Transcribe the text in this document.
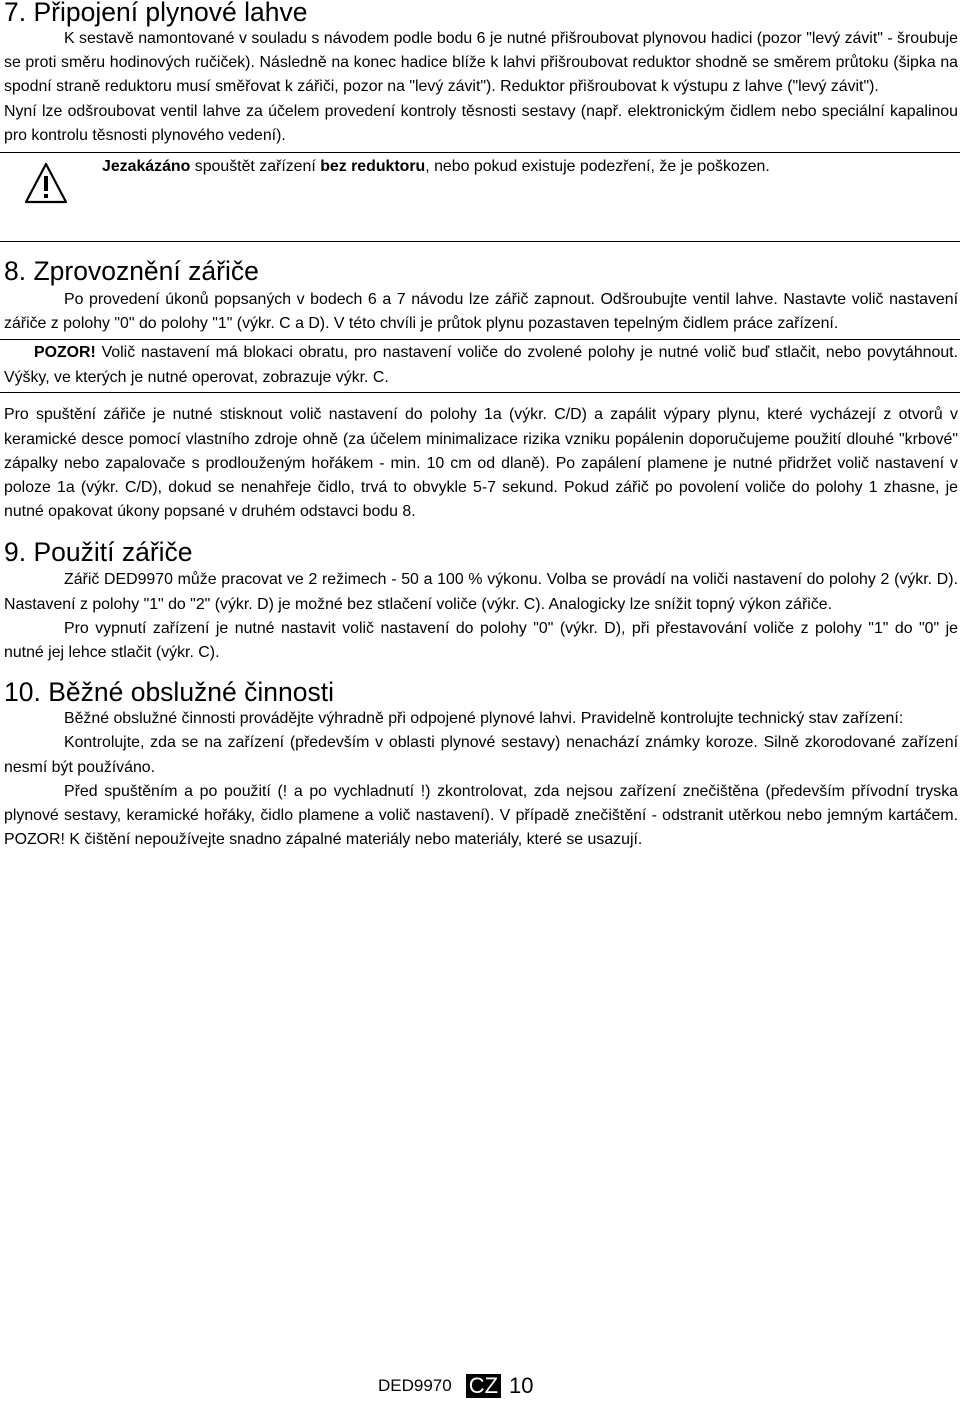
7. Připojení plynové lahve

K sestavě namontované v souladu s návodem podle bodu 6 je nutné přišroubovat plynovou hadici (pozor "levý závit" - šroubuje se proti směru hodinových ručiček). Následně na konec hadice blíže k lahvi přišroubovat reduktor shodně se směrem průtoku (šipka na spodní straně reduktoru musí směřovat k zářiči, pozor na "levý závit"). Reduktor přišroubovat k výstupu z lahve ("levý závit").

Nyní lze odšroubovat ventil lahve za účelem provedení kontroly těsnosti sestavy (např. elektronickým čidlem nebo speciální kapalinou pro kontrolu těsnosti plynového vedení).

Jezakázáno spouštět zařízení bez reduktoru, nebo pokud existuje podezření, že je poškozen.
8. Zprovoznění zářiče

Po provedení úkonů popsaných v bodech 6 a 7 návodu lze zářič zapnout. Odšroubujte ventil lahve. Nastavte volič nastavení zářiče z polohy "0" do polohy "1" (výkr. C a D). V této chvíli je průtok plynu pozastaven tepelným čidlem práce zařízení.

POZOR! Volič nastavení má blokaci obratu, pro nastavení voliče do zvolené polohy je nutné volič buď stlačit, nebo povytáhnout. Výšky, ve kterých je nutné operovat, zobrazuje výkr. C.

Pro spuštění zářiče je nutné stisknout volič nastavení do polohy 1a (výkr. C/D) a zapálit výpary plynu, které vycházejí z otvorů v keramické desce pomocí vlastního zdroje ohně (za účelem minimalizace rizika vzniku popálenin doporučujeme použití dlouhé "krbové" zápalky nebo zapalovače s prodlouženým hořákem - min. 10 cm od dlaně). Po zapálení plamene je nutné přidržet volič nastavení v poloze 1a (výkr. C/D), dokud se nenahřeje čidlo, trvá to obvykle 5-7 sekund. Pokud zářič po povolení voliče do polohy 1 zhasne, je nutné opakovat úkony popsané v druhém odstavci bodu 8.

9. Použití zářiče

Zářič DED9970 může pracovat ve 2 režimech - 50 a 100 % výkonu. Volba se provádí na voliči nastavení do polohy 2 (výkr. D). Nastavení z polohy "1" do "2" (výkr. D) je možné bez stlačení voliče (výkr. C). Analogicky lze snížit topný výkon zářiče.

Pro vypnutí zařízení je nutné nastavit volič nastavení do polohy "0" (výkr. D), při přestavování voliče z polohy "1" do "0" je nutné jej lehce stlačit (výkr. C).

10. Běžné obslužné činnosti

Běžné obslužné činnosti provádějte výhradně při odpojené plynové lahvi. Pravidelně kontrolujte technický stav zařízení:

Kontrolujte, zda se na zařízení (především v oblasti plynové sestavy) nenachází známky koroze. Silně zkorodované zařízení nesmí být používáno.

Před spuštěním a po použití (! a po vychladnutí !) zkontrolovat, zda nejsou zařízení znečištěna (především přívodní tryska plynové sestavy, keramické hořáky, čidlo plamene a volič nastavení). V případě znečištění - odstranit utěrkou nebo jemným kartáčem. POZOR! K čištění nepoužívejte snadno zápalné materiály nebo materiály, které se usazují.

DED9970 CZ 10
